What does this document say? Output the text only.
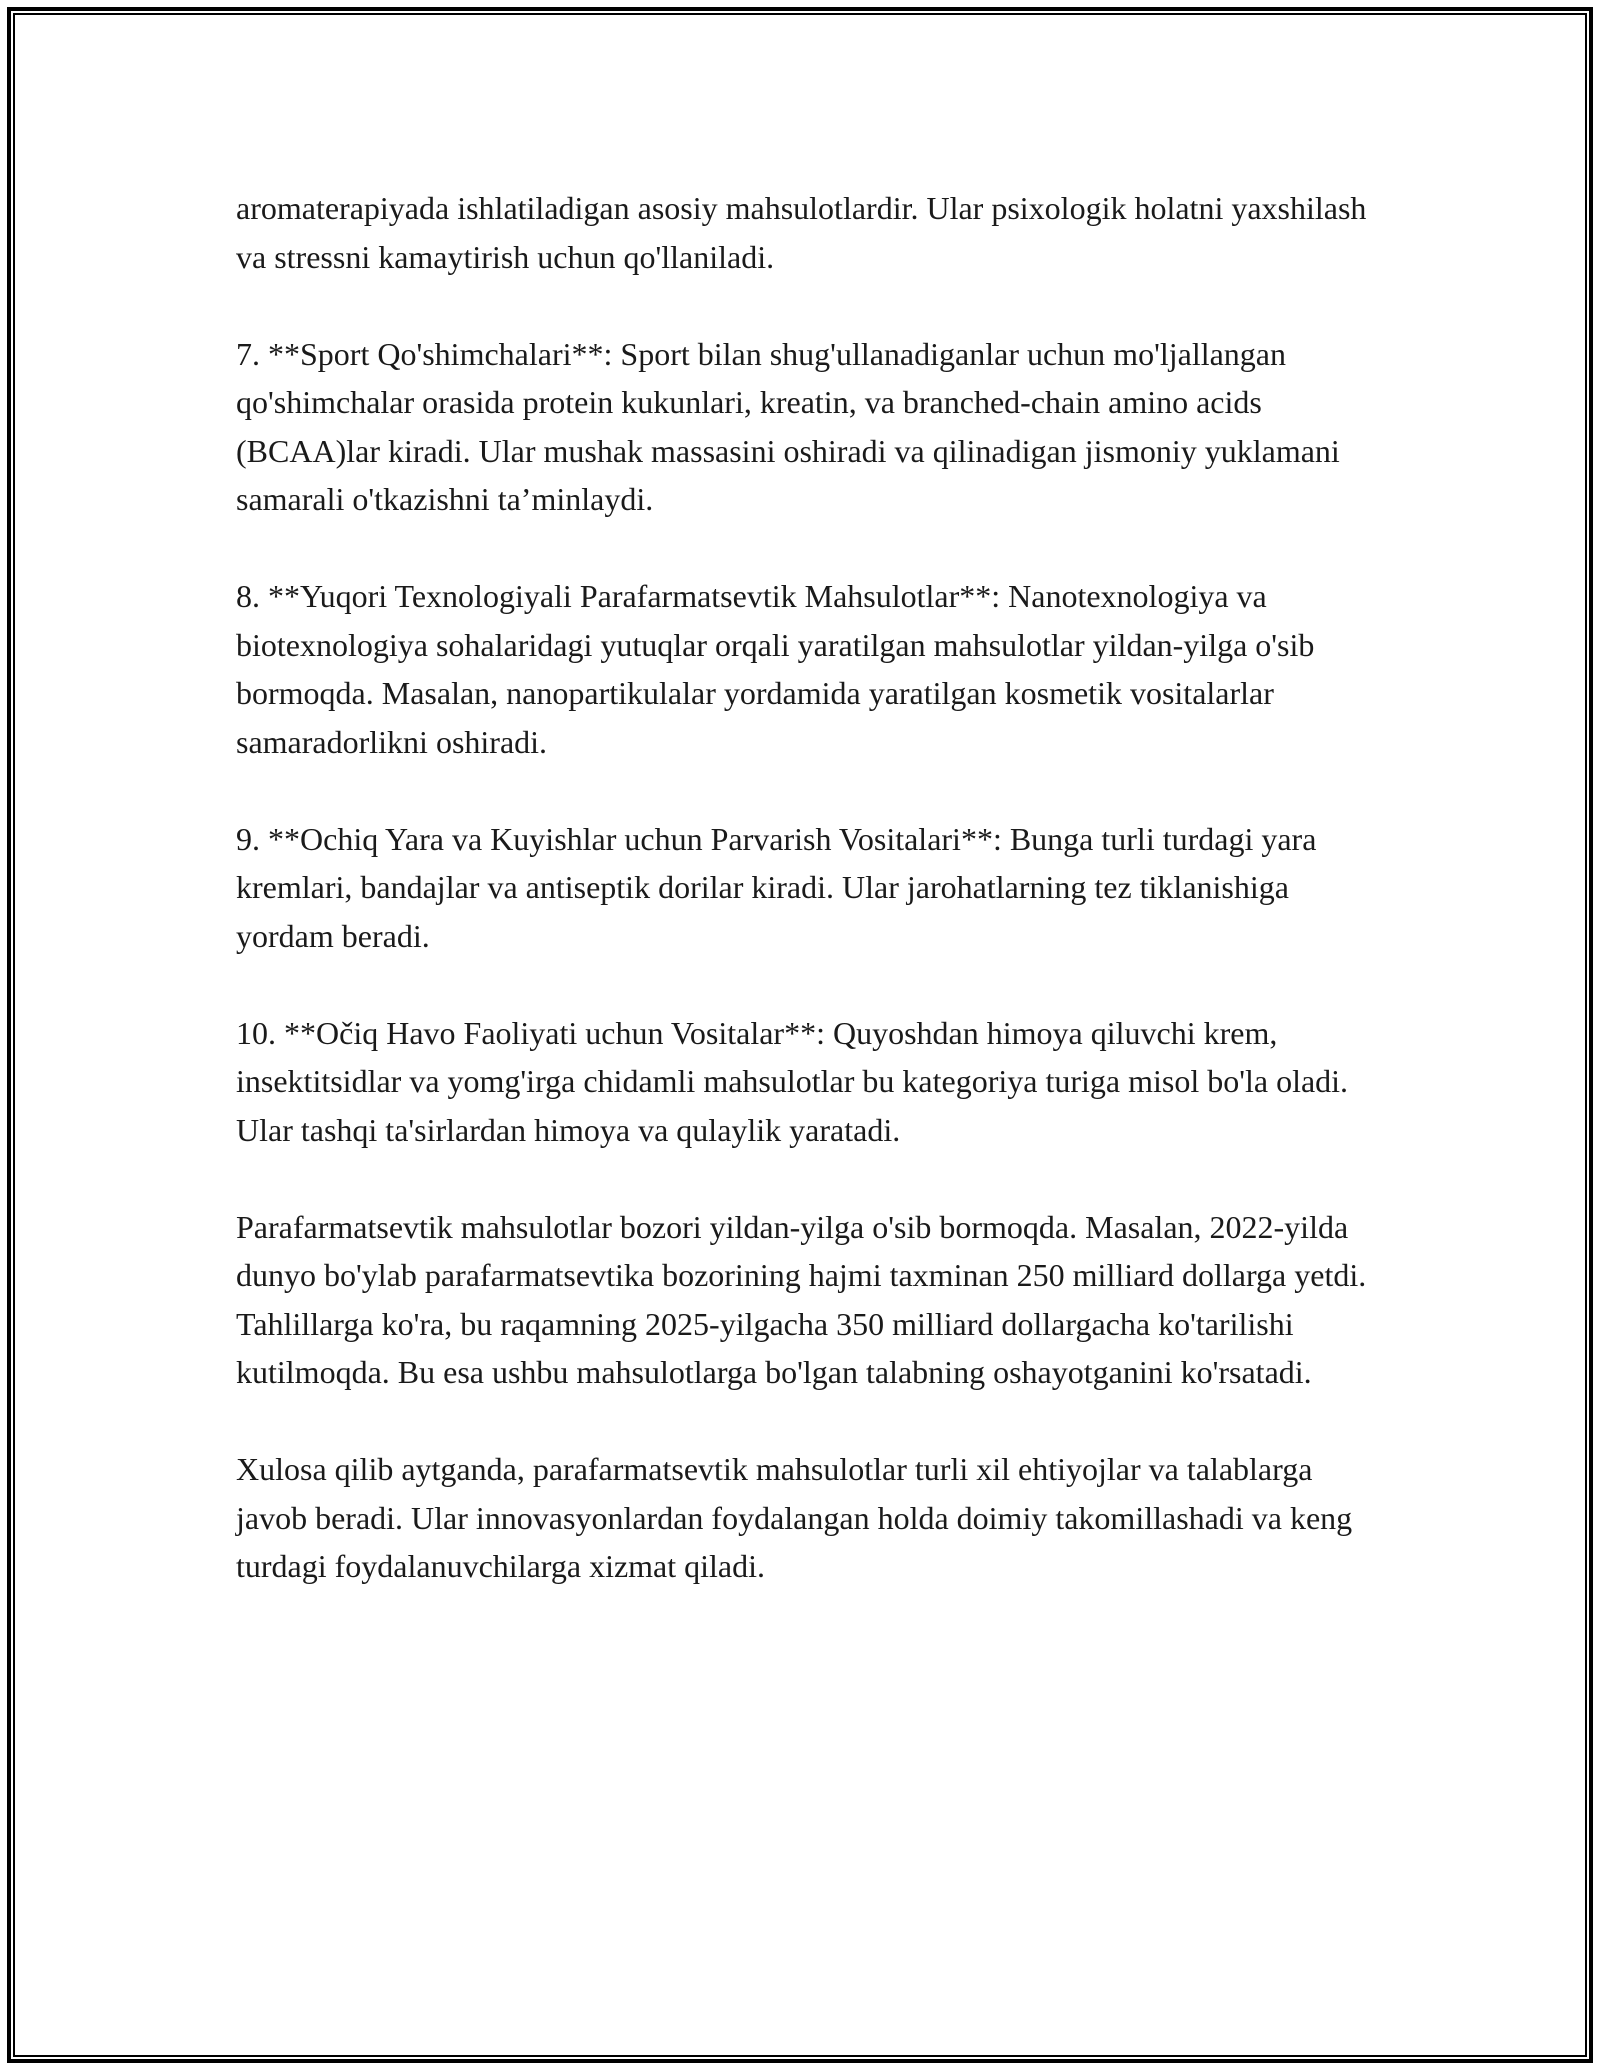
aromaterapiyada ishlatiladigan asosiy mahsulotlardir. Ular psixologik holatni yaxshilash va stressni kamaytirish uchun qo'llaniladi.

7. **Sport Qo'shimchalari**: Sport bilan shug'ullanadiganlar uchun mo'ljallangan qo'shimchalar orasida protein kukunlari, kreatin, va branched-chain amino acids (BCAA)lar kiradi. Ular mushak massasini oshiradi va qilinadigan jismoniy yuklamani samarali o'tkazishni ta’minlaydi.

8. **Yuqori Texnologiyali Parafarmatsevtik Mahsulotlar**: Nanotexnologiya va biotexnologiya sohalaridagi yutuqlar orqali yaratilgan mahsulotlar yildan-yilga o'sib bormoqda. Masalan, nanopartikulalar yordamida yaratilgan kosmetik vositalarlar samaradorlikni oshiradi.

9. **Ochiq Yara va Kuyishlar uchun Parvarish Vositalari**: Bunga turli turdagi yara kremlari, bandajlar va antiseptik dorilar kiradi. Ular jarohatlarning tez tiklanishiga yordam beradi.

10. **Očiq Havo Faoliyati uchun Vositalar**: Quyoshdan himoya qiluvchi krem, insektitsidlar va yomg'irga chidamli mahsulotlar bu kategoriya turiga misol bo'la oladi. Ular tashqi ta'sirlardan himoya va qulaylik yaratadi.

Parafarmatsevtik mahsulotlar bozori yildan-yilga o'sib bormoqda. Masalan, 2022-yilda dunyo bo'ylab parafarmatsevtika bozorining hajmi taxminan 250 milliard dollarga yetdi. Tahlillarga ko'ra, bu raqamning 2025-yilgacha 350 milliard dollargacha ko'tarilishi kutilmoqda. Bu esa ushbu mahsulotlarga bo'lgan talabning oshayotganini ko'rsatadi.

Xulosa qilib aytganda, parafarmatsevtik mahsulotlar turli xil ehtiyojlar va talablarga javob beradi. Ular innovasyonlardan foydalangan holda doimiy takomillashadi va keng turdagi foydalanuvchilarga xizmat qiladi.
